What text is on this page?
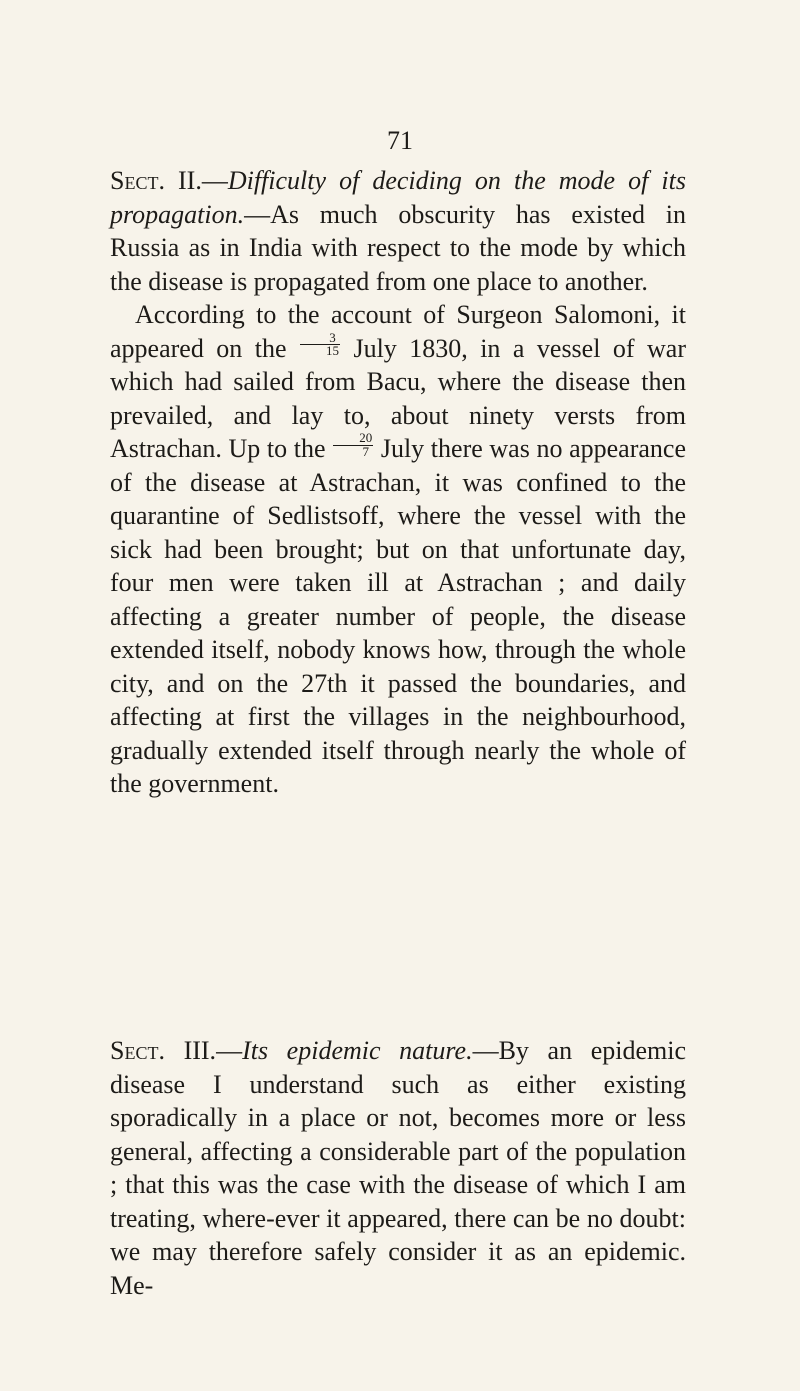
71

Sect. II.—Difficulty of deciding on the mode of its propagation.—As much obscurity has existed in Russia as in India with respect to the mode by which the disease is propagated from one place to another.

According to the account of Surgeon Salomoni, it appeared on the $\frac{3}{15}$ July 1830, in a vessel of war which had sailed from Bacu, where the disease then prevailed, and lay to, about ninety versts from Astrachan. Up to the $\frac{20}{7}$ July there was no appearance of the disease at Astrachan, it was confined to the quarantine of Sedlistsoff, where the vessel with the sick had been brought; but on that unfortunate day, four men were taken ill at Astrachan ; and daily affecting a greater number of people, the disease extended itself, nobody knows how, through the whole city, and on the 27th it passed the boundaries, and affecting at first the villages in the neighbourhood, gradually extended itself through nearly the whole of the government.

Sect. III.—Its epidemic nature.—By an epidemic disease I understand such as either existing sporadically in a place or not, becomes more or less general, affecting a considerable part of the population ; that this was the case with the disease of which I am treating, where-ever it appeared, there can be no doubt: we may therefore safely consider it as an epidemic. Me-
